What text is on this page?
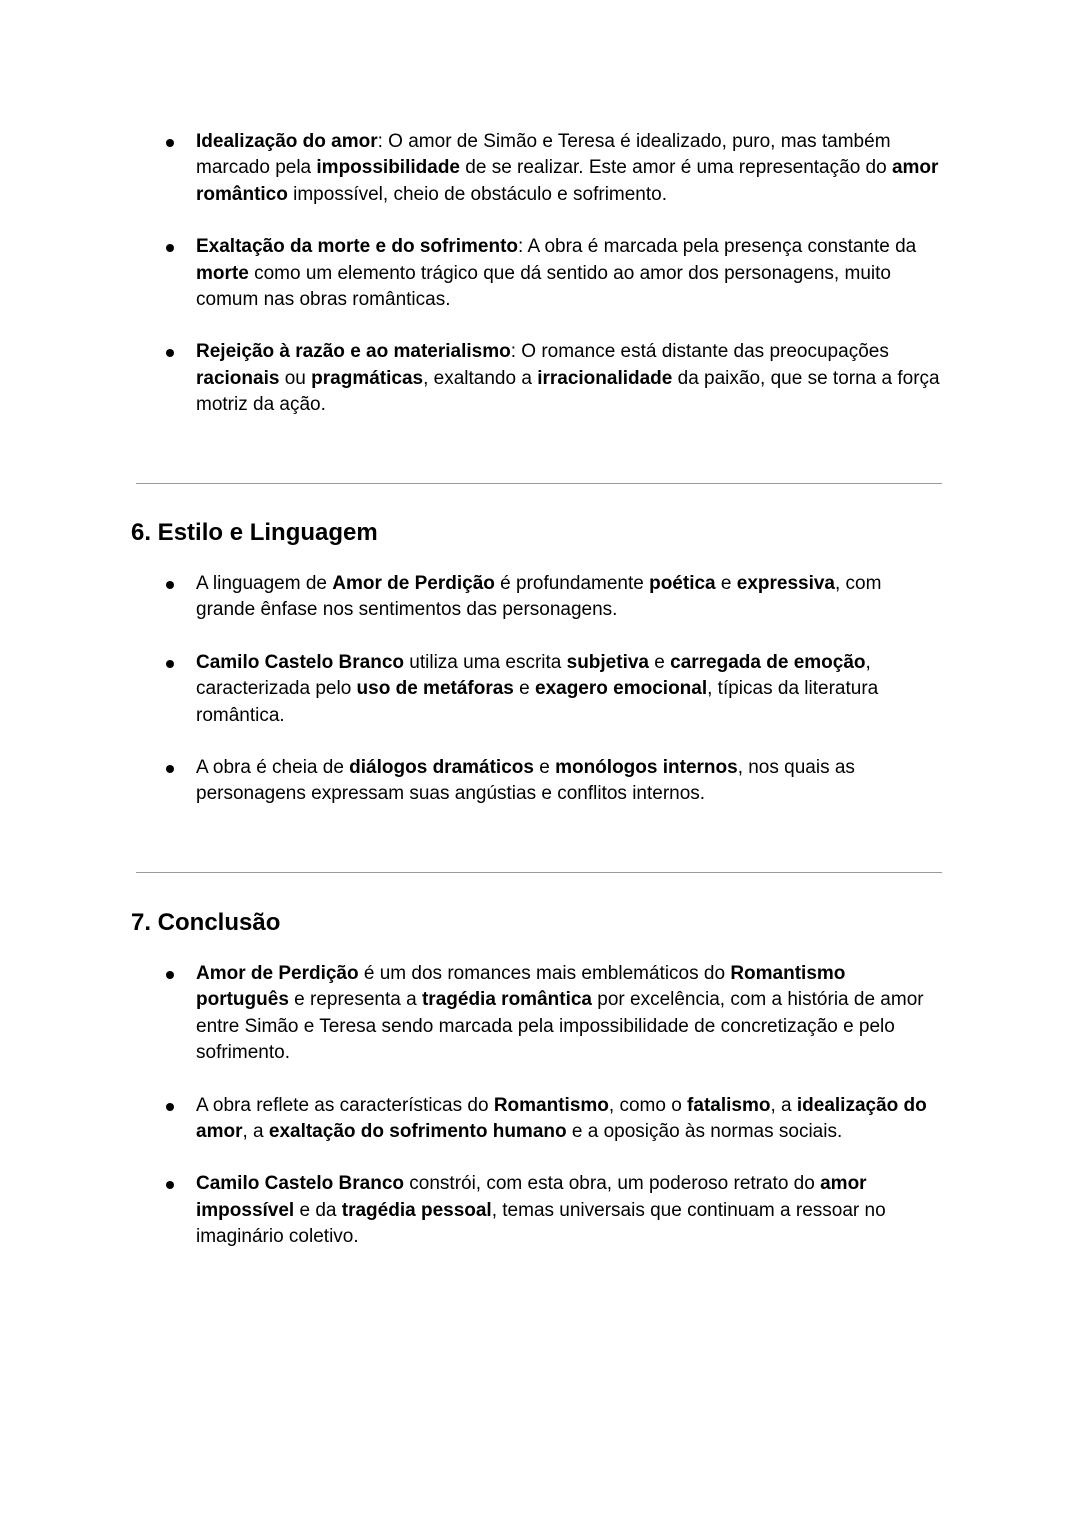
Idealização do amor: O amor de Simão e Teresa é idealizado, puro, mas também marcado pela impossibilidade de se realizar. Este amor é uma representação do amor romântico impossível, cheio de obstáculo e sofrimento.
Exaltação da morte e do sofrimento: A obra é marcada pela presença constante da morte como um elemento trágico que dá sentido ao amor dos personagens, muito comum nas obras românticas.
Rejeição à razão e ao materialismo: O romance está distante das preocupações racionais ou pragmáticas, exaltando a irracionalidade da paixão, que se torna a força motriz da ação.
6. Estilo e Linguagem
A linguagem de Amor de Perdição é profundamente poética e expressiva, com grande ênfase nos sentimentos das personagens.
Camilo Castelo Branco utiliza uma escrita subjetiva e carregada de emoção, caracterizada pelo uso de metáforas e exagero emocional, típicas da literatura romântica.
A obra é cheia de diálogos dramáticos e monólogos internos, nos quais as personagens expressam suas angústias e conflitos internos.
7. Conclusão
Amor de Perdição é um dos romances mais emblemáticos do Romantismo português e representa a tragédia romântica por excelência, com a história de amor entre Simão e Teresa sendo marcada pela impossibilidade de concretização e pelo sofrimento.
A obra reflete as características do Romantismo, como o fatalismo, a idealização do amor, a exaltação do sofrimento humano e a oposição às normas sociais.
Camilo Castelo Branco constrói, com esta obra, um poderoso retrato do amor impossível e da tragédia pessoal, temas universais que continuam a ressoar no imaginário coletivo.
